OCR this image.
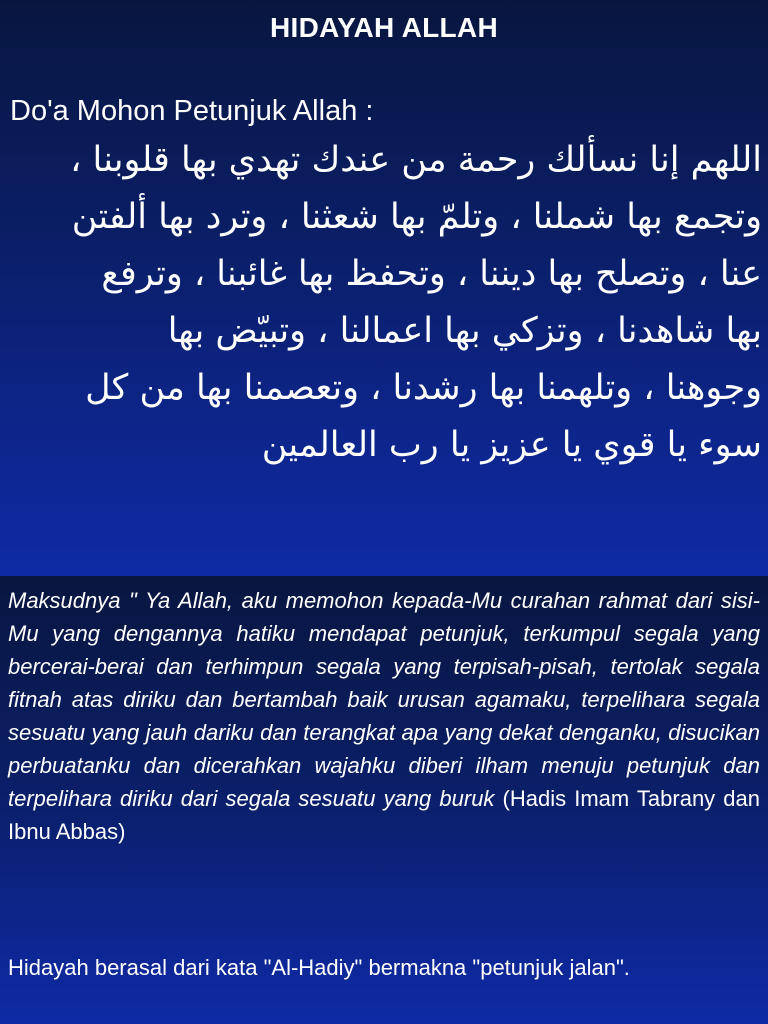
HIDAYAH ALLAH
Do'a Mohon Petunjuk Allah :
اللهم إنا نسألك رحمة من عندك تهدي بها قلوبنا ،
وتجمع بها شملنا ، وتلمّ بها شعثنا ، وترد بها ألفتن
عنا ، وتصلح بها ديننا ، وتحفظ بها غائبنا ، وترفع
بها شاهدنا ، وتزكي بها اعمالنا ، وتبيّض بها
وجوهنا ، وتلهمنا بها رشدنا ، وتعصمنا بها من كل
سوء يا قوي يا عزيز يا رب العالمين
Maksudnya " Ya Allah, aku memohon kepada-Mu curahan rahmat dari sisi-Mu yang dengannya hatiku mendapat petunjuk, terkumpul segala yang bercerai-berai dan terhimpun segala yang terpisah-pisah, tertolak segala fitnah atas diriku dan bertambah baik urusan agamaku, terpelihara segala sesuatu yang jauh dariku dan terangkat apa yang dekat denganku, disucikan perbuatanku dan dicerahkan wajahku diberi ilham menuju petunjuk dan terpelihara diriku dari segala sesuatu yang buruk (Hadis Imam Tabrany dan Ibnu Abbas)
Hidayah berasal dari kata "Al-Hadiy" bermakna "petunjuk jalan".
